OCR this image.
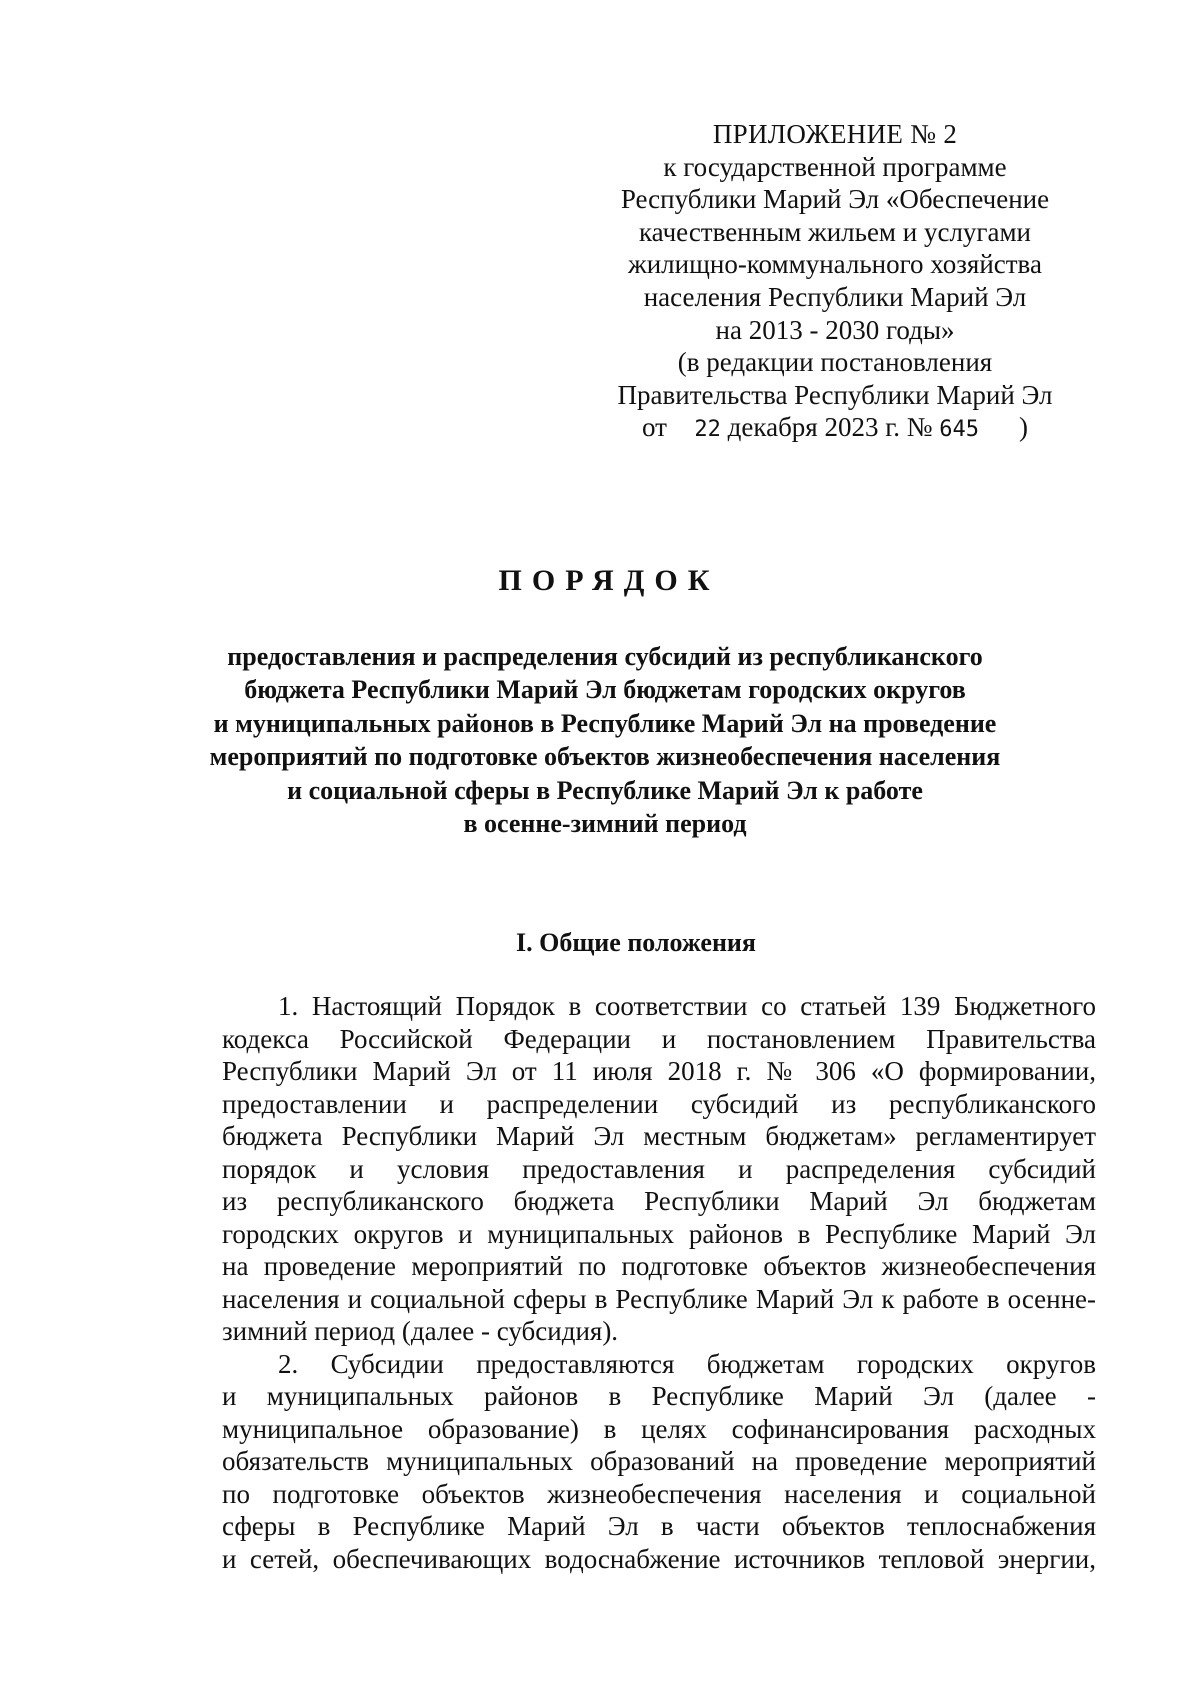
ПРИЛОЖЕНИЕ № 2
к государственной программе
Республики Марий Эл «Обеспечение
качественным жильем и услугами
жилищно-коммунального хозяйства
населения Республики Марий Эл
на 2013 - 2030 годы»
(в редакции постановления
Правительства Республики Марий Эл
от 22 декабря 2023 г. № 645 )
ПОРЯДОК
предоставления и распределения субсидий из республиканского
бюджета Республики Марий Эл бюджетам городских округов
и муниципальных районов в Республике Марий Эл на проведение
мероприятий по подготовке объектов жизнеобеспечения населения
и социальной сферы в Республике Марий Эл к работе
в осенне-зимний период
I. Общие положения
1. Настоящий Порядок в соответствии со статьей 139 Бюджетного
кодекса Российской Федерации и постановлением Правительства
Республики Марий Эл от 11 июля 2018 г. № 306 «О формировании,
предоставлении и распределении субсидий из республиканского
бюджета Республики Марий Эл местным бюджетам» регламентирует
порядок и условия предоставления и распределения субсидий
из республиканского бюджета Республики Марий Эл бюджетам
городских округов и муниципальных районов в Республике Марий Эл
на проведение мероприятий по подготовке объектов жизнеобеспечения
населения и социальной сферы в Республике Марий Эл к работе в осенне-
зимний период (далее - субсидия).
2. Субсидии предоставляются бюджетам городских округов
и муниципальных районов в Республике Марий Эл (далее -
муниципальное образование) в целях софинансирования расходных
обязательств муниципальных образований на проведение мероприятий
по подготовке объектов жизнеобеспечения населения и социальной
сферы в Республике Марий Эл в части объектов теплоснабжения
и сетей, обеспечивающих водоснабжение источников тепловой энергии,
